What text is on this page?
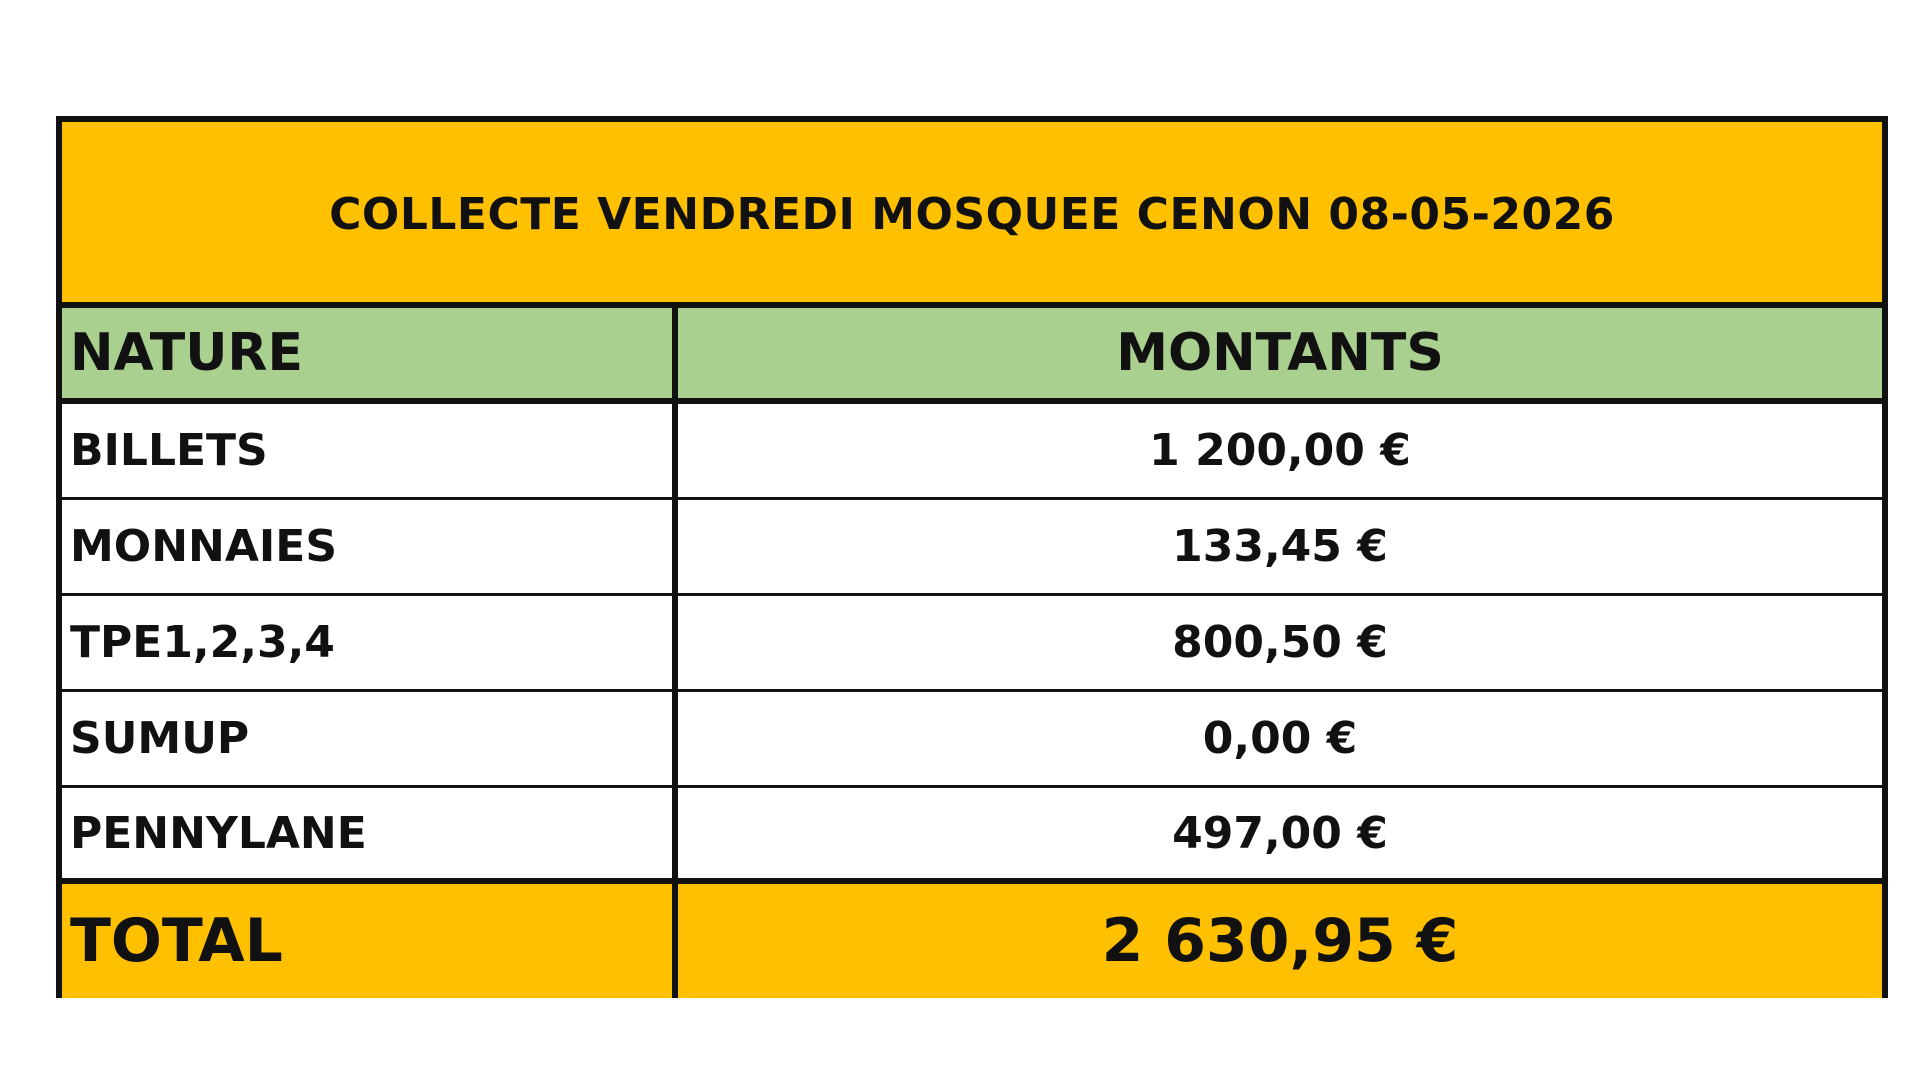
COLLECTE VENDREDI MOSQUEE CENON 08-05-2026
NATURE	MONTANTS
BILLETS	1 200,00 €
MONNAIES	133,45 €
TPE1,2,3,4	800,50 €
SUMUP	0,00 €
PENNYLANE	497,00 €
TOTAL	2 630,95 €
